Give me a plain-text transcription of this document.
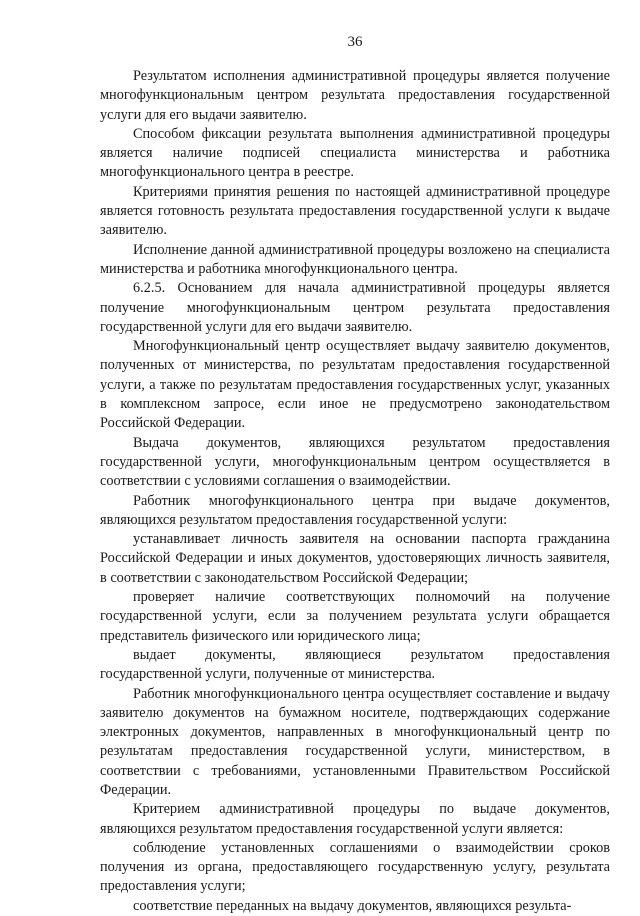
36

Результатом исполнения административной процедуры является получение многофункциональным центром результата предоставления государственной услуги для его выдачи заявителю.

Способом фиксации результата выполнения административной процедуры является наличие подписей специалиста министерства и работника многофункционального центра в реестре.

Критериями принятия решения по настоящей административной процедуре является готовность результата предоставления государственной услуги к выдаче заявителю.

Исполнение данной административной процедуры возложено на специалиста министерства и работника многофункционального центра.

6.2.5. Основанием для начала административной процедуры является получение многофункциональным центром результата предоставления государственной услуги для его выдачи заявителю.

Многофункциональный центр осуществляет выдачу заявителю документов, полученных от министерства, по результатам предоставления государственной услуги, а также по результатам предоставления государственных услуг, указанных в комплексном запросе, если иное не предусмотрено законодательством Российской Федерации.

Выдача документов, являющихся результатом предоставления государственной услуги, многофункциональным центром осуществляется в соответствии с условиями соглашения о взаимодействии.

Работник многофункционального центра при выдаче документов, являющихся результатом предоставления государственной услуги:

устанавливает личность заявителя на основании паспорта гражданина Российской Федерации и иных документов, удостоверяющих личность заявителя, в соответствии с законодательством Российской Федерации;

проверяет наличие соответствующих полномочий на получение государственной услуги, если за получением результата услуги обращается представитель физического или юридического лица;

выдает документы, являющиеся результатом предоставления государственной услуги, полученные от министерства.

Работник многофункционального центра осуществляет составление и выдачу заявителю документов на бумажном носителе, подтверждающих содержание электронных документов, направленных в многофункциональный центр по результатам предоставления государственной услуги, министерством, в соответствии с требованиями, установленными Правительством Российской Федерации.

Критерием административной процедуры по выдаче документов, являющихся результатом предоставления государственной услуги является:

соблюдение установленных соглашениями о взаимодействии сроков получения из органа, предоставляющего государственную услугу, результата предоставления услуги;

соответствие переданных на выдачу документов, являющихся результа-
